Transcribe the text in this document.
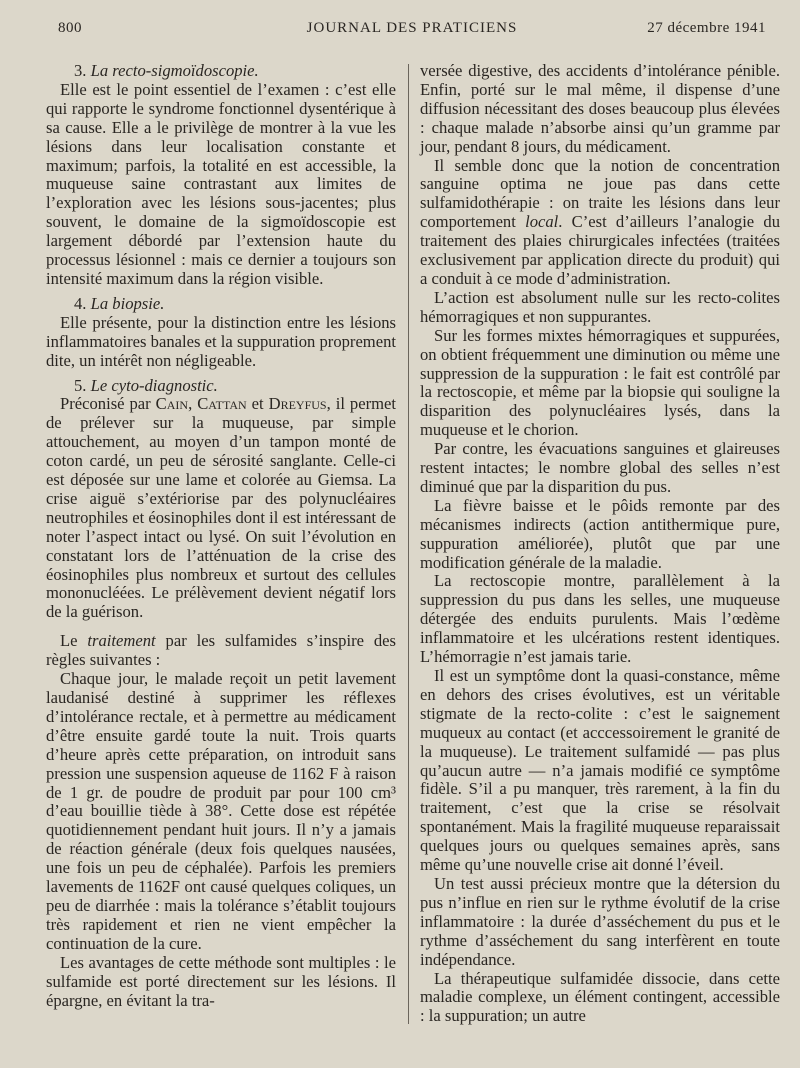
800	JOURNAL DES PRATICIENS	27 décembre 1941

3. La recto-sigmoïdoscopie.

Elle est le point essentiel de l’examen : c’est elle qui rapporte le syndrome fonctionnel dysentérique à sa cause. Elle a le privilège de montrer à la vue les lésions dans leur localisation constante et maximum; parfois, la totalité en est accessible, la muqueuse saine contrastant aux limites de l’exploration avec les lésions sous-jacentes; plus souvent, le domaine de la sigmoïdoscopie est largement débordé par l’extension haute du processus lésionnel : mais ce dernier a toujours son intensité maximum dans la région visible.

4. La biopsie.

Elle présente, pour la distinction entre les lésions inflammatoires banales et la suppuration proprement dite, un intérêt non négligeable.

5. Le cyto-diagnostic.

Préconisé par Cain, Cattan et Dreyfus, il permet de prélever sur la muqueuse, par simple attouchement, au moyen d’un tampon monté de coton cardé, un peu de sérosité sanglante. Celle-ci est déposée sur une lame et colorée au Giemsa. La crise aiguë s’extériorise par des polynucléaires neutrophiles et éosinophiles dont il est intéressant de noter l’aspect intact ou lysé. On suit l’évolution en constatant lors de l’atténuation de la crise des éosinophiles plus nombreux et surtout des cellules mononucléées. Le prélèvement devient négatif lors de la guérison.

Le traitement par les sulfamides s’inspire des règles suivantes :

Chaque jour, le malade reçoit un petit lavement laudanisé destiné à supprimer les réflexes d’intolérance rectale, et à permettre au médicament d’être ensuite gardé toute la nuit. Trois quarts d’heure après cette préparation, on introduit sans pression une suspension aqueuse de 1162 F à raison de 1 gr. de poudre de produit par pour 100 cm³ d’eau bouillie tiède à 38°. Cette dose est répétée quotidiennement pendant huit jours. Il n’y a jamais de réaction générale (deux fois quelques nausées, une fois un peu de céphalée). Parfois les premiers lavements de 1162F ont causé quelques coliques, un peu de diarrhée : mais la tolérance s’établit toujours très rapidement et rien ne vient empêcher la continuation de la cure.

Les avantages de cette méthode sont multiples : le sulfamide est porté directement sur les lésions. Il épargne, en évitant la tra-

versée digestive, des accidents d’intolérance pénible. Enfin, porté sur le mal même, il dispense d’une diffusion nécessitant des doses beaucoup plus élevées : chaque malade n’absorbe ainsi qu’un gramme par jour, pendant 8 jours, du médicament.

Il semble donc que la notion de concentration sanguine optima ne joue pas dans cette sulfamidothérapie : on traite les lésions dans leur comportement local. C’est d’ailleurs l’analogie du traitement des plaies chirurgicales infectées (traitées exclusivement par application directe du produit) qui a conduit à ce mode d’administration.

L’action est absolument nulle sur les recto-colites hémorragiques et non suppurantes.

Sur les formes mixtes hémorragiques et suppurées, on obtient fréquemment une diminution ou même une suppression de la suppuration : le fait est contrôlé par la rectoscopie, et même par la biopsie qui souligne la disparition des polynucléaires lysés, dans la muqueuse et le chorion.

Par contre, les évacuations sanguines et glaireuses restent intactes; le nombre global des selles n’est diminué que par la disparition du pus.

La fièvre baisse et le pôids remonte par des mécanismes indirects (action antithermique pure, suppuration améliorée), plutôt que par une modification générale de la maladie.

La rectoscopie montre, parallèlement à la suppression du pus dans les selles, une muqueuse détergée des enduits purulents. Mais l’œdème inflammatoire et les ulcérations restent identiques. L’hémorragie n’est jamais tarie.

Il est un symptôme dont la quasi-constance, même en dehors des crises évolutives, est un véritable stigmate de la recto-colite : c’est le saignement muqueux au contact (et acccessoirement le granité de la muqueuse). Le traitement sulfamidé — pas plus qu’aucun autre — n’a jamais modifié ce symptôme fidèle. S’il a pu manquer, très rarement, à la fin du traitement, c’est que la crise se résolvait spontanément. Mais la fragilité muqueuse reparaissait quelques jours ou quelques semaines après, sans même qu’une nouvelle crise ait donné l’éveil.

Un test aussi précieux montre que la détersion du pus n’influe en rien sur le rythme évolutif de la crise inflammatoire : la durée d’asséchement du pus et le rythme d’asséchement du sang interfèrent en toute indépendance.

La thérapeutique sulfamidée dissocie, dans cette maladie complexe, un élément contingent, accessible : la suppuration; un autre
